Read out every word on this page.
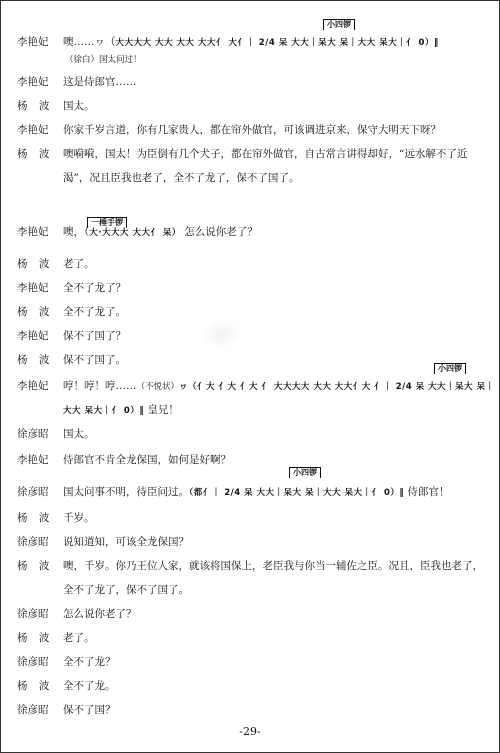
小四锣
一棰手锣
小四锣
小四锣
李艳妃 噢……ヮ（大大大大 大大 大大 大大亻 大亻｜ 2/4 呆 大大｜呆大 呆｜大大 呆大｜亻 0）‖
（徐白）国太问过！
李艳妃 这是侍郎官……
杨 波 国太。
李艳妃 你家千岁言道，你有几家贵人，都在帘外做官，可该调进京来，保守大明天下呀？
杨 波 噢嗬嗬，国太！为臣倒有几个犬子，都在帘外做官，自古常言讲得却好，“远水解不了近
渴”，况且臣我也老了，全不了龙了，保不了国了。
李艳妃 噢，（大·大大大 大大亻 呆） 怎么说你老了？
杨 波 老了。
李艳妃 全不了龙了？
杨 波 全不了龙了。
李艳妃 保不了国了？
杨 波 保不了国了。
李艳妃 哼！哼！哼……（不悦状）ヮ（亻大 亻大 亻大 亻 大大大大 大大 大大亻大 亻｜ 2/4 呆 大大｜呆大 呆｜
大大 呆大｜亻 0）‖ 皇兄！
徐彦昭 国太。
李艳妃 侍郎官不肯全龙保国，如何是好啊？
徐彦昭 国太问事不明，待臣问过。（都亻｜ 2/4 呆 大大｜呆大 呆｜大大 呆大｜亻 0）‖ 侍郎官！
杨 波 千岁。
徐彦昭 说知道知，可该全龙保国？
杨 波 噢，千岁。你乃王位人家，就该将国保上，老臣我与你当一辅佐之臣。况且，臣我也老了，
全不了龙了，保不了国了。
徐彦昭 怎么说你老了？
杨 波 老了。
徐彦昭 全不了龙？
杨 波 全不了龙。
徐彦昭 保不了国？
-29-
